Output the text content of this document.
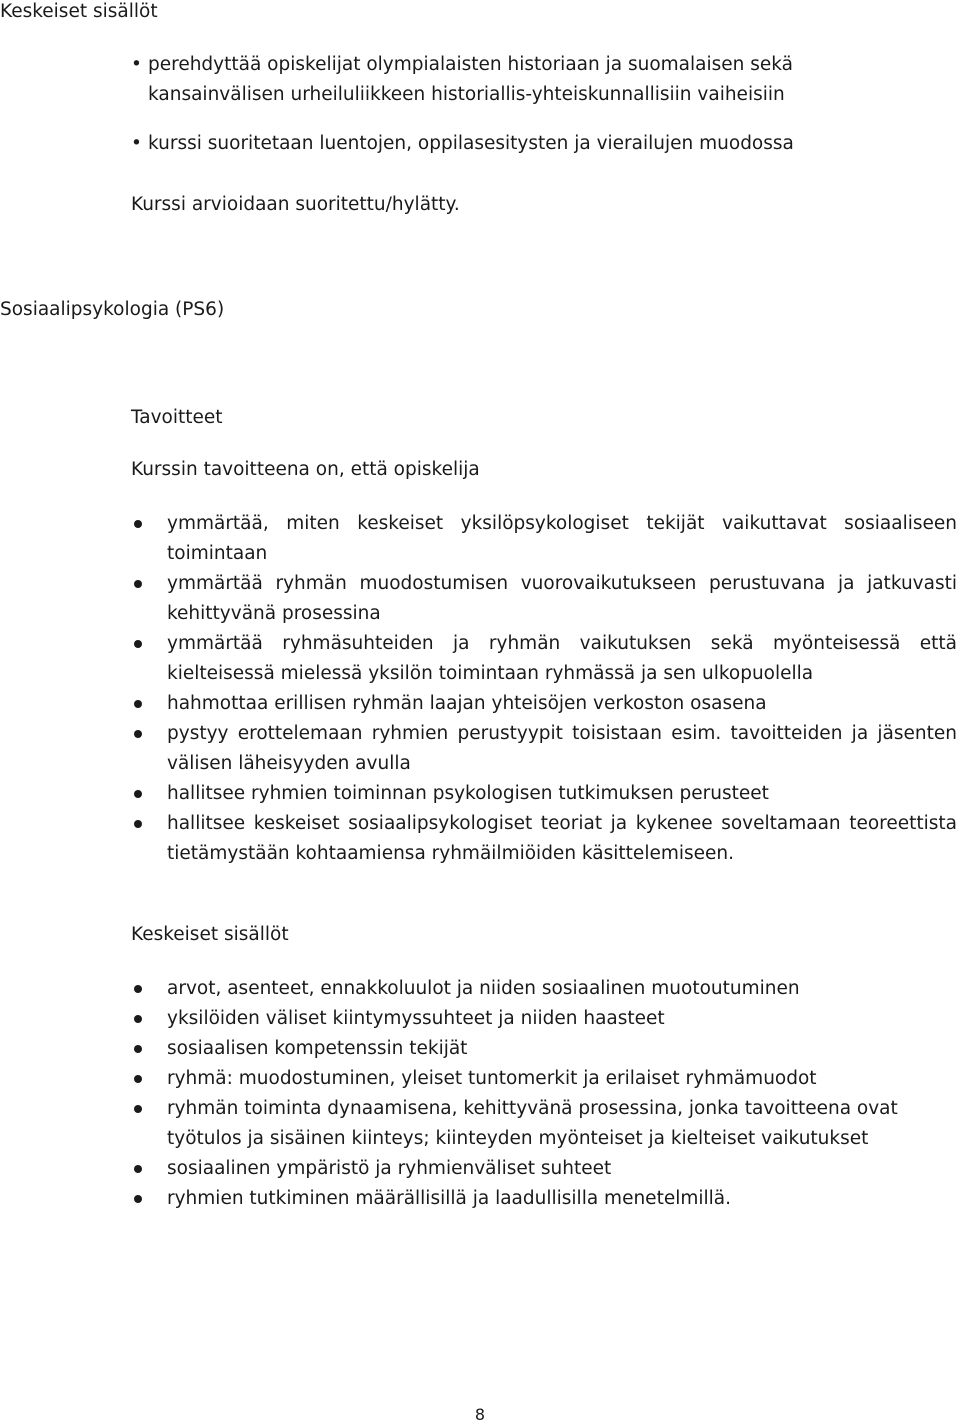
Keskeiset sisällöt
• perehdyttää opiskelijat olympialaisten historiaan ja suomalaisen sekä kansainvälisen urheiluliikkeen historiallis-yhteiskunnallisiin vaiheisiin
• kurssi suoritetaan luentojen, oppilasesitysten ja vierailujen muodossa
Kurssi arvioidaan suoritettu/hylätty.
Sosiaalipsykologia (PS6)
Tavoitteet
Kurssin tavoitteena on, että opiskelija
ymmärtää, miten keskeiset yksilöpsykologiset tekijät vaikuttavat sosiaaliseen toimintaan
ymmärtää ryhmän muodostumisen vuorovaikutukseen perustuvana ja jatkuvasti kehittyvänä prosessina
ymmärtää ryhmäsuhteiden ja ryhmän vaikutuksen sekä myönteisessä että kielteisessä mielessä yksilön toimintaan ryhmässä ja sen ulkopuolella
hahmottaa erillisen ryhmän laajan yhteisöjen verkoston osasena
pystyy erottelemaan ryhmien perustyypit toisistaan esim. tavoitteiden ja jäsenten välisen läheisyyden avulla
hallitsee ryhmien toiminnan psykologisen tutkimuksen perusteet
hallitsee keskeiset sosiaalipsykologiset teoriat ja kykenee soveltamaan teoreettista tietämystään kohtaamiensa ryhmäilmiöiden käsittelemiseen.
Keskeiset sisällöt
arvot, asenteet, ennakkoluulot ja niiden sosiaalinen muotoutuminen
yksilöiden väliset kiintymyssuhteet ja niiden haasteet
sosiaalisen kompetenssin tekijät
ryhmä: muodostuminen, yleiset tuntomerkit ja erilaiset ryhmämuodot
ryhmän toiminta dynaamisena, kehittyvänä prosessina, jonka tavoitteena ovat työtulos ja sisäinen kiinteys; kiinteyden myönteiset ja kielteiset vaikutukset
sosiaalinen ympäristö ja ryhmienväliset suhteet
ryhmien tutkiminen määrällisillä ja laadullisilla menetelmillä.
8
